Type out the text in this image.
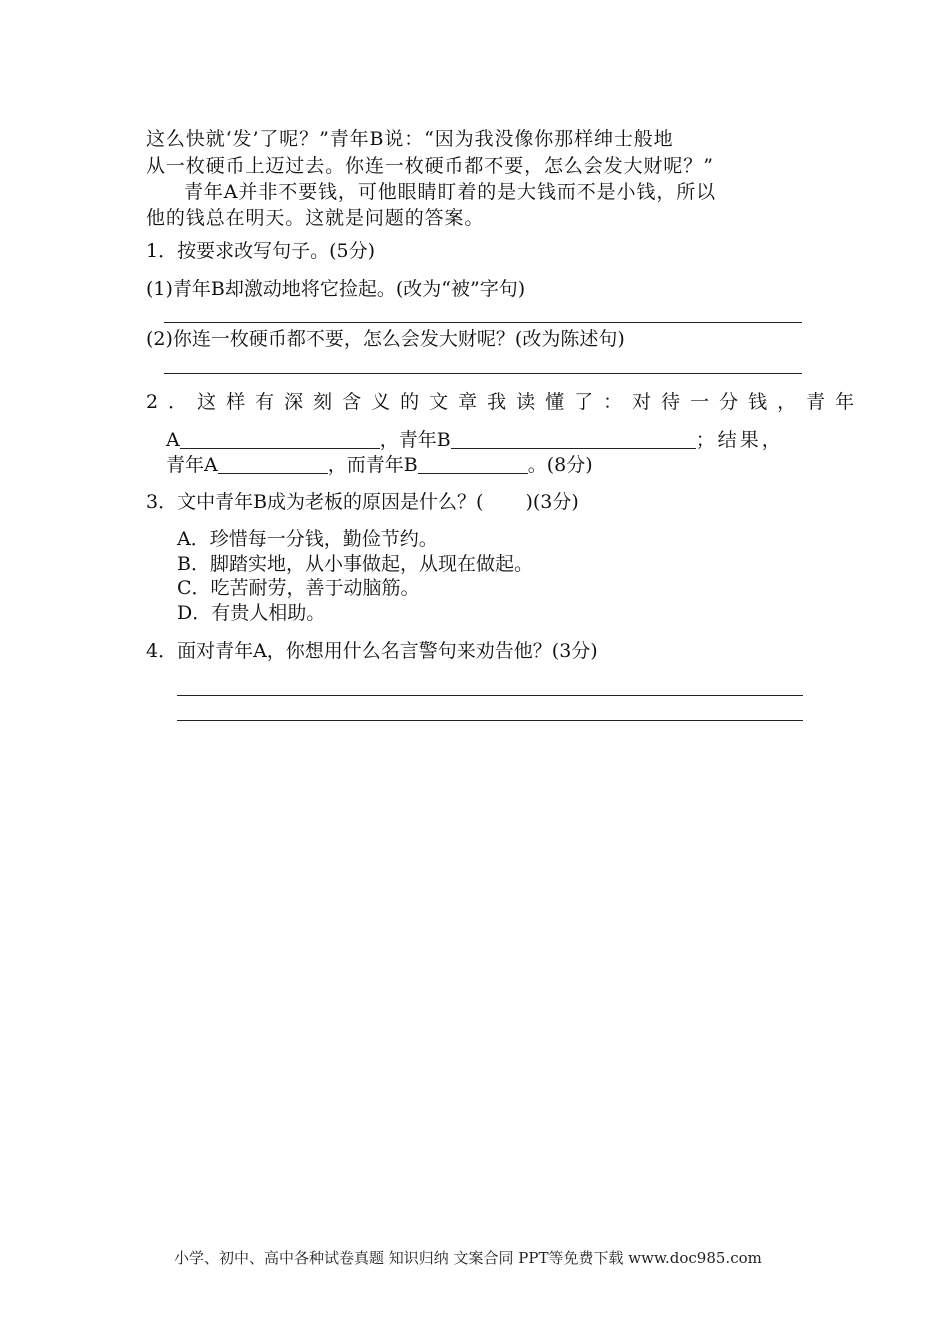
这么快就‘发’了呢？”青年B说：“因为我没像你那样绅士般地
从一枚硬币上迈过去。你连一枚硬币都不要，怎么会发大财呢？”
青年A并非不要钱，可他眼睛盯着的是大钱而不是小钱，所以
他的钱总在明天。这就是问题的答案。
1．按要求改写句子。(5分)
(1)青年B却激动地将它捡起。(改为“被”字句)
(2)你连一枚硬币都不要，怎么会发大财呢？(改为陈述句)
2．这样有深刻含义的文章我读懂了：对待一分钱，青年
A	，青年B	；结果，
青年A	，而青年B	。(8分)
3．文中青年B成为老板的原因是什么？( )(3分)
A．珍惜每一分钱，勤俭节约。
B．脚踏实地，从小事做起，从现在做起。
C．吃苦耐劳，善于动脑筋。
D．有贵人相助。
4．面对青年A，你想用什么名言警句来劝告他？(3分)
小学、初中、高中各种试卷真题 知识归纳 文案合同 PPT等免费下载 www.doc985.com
